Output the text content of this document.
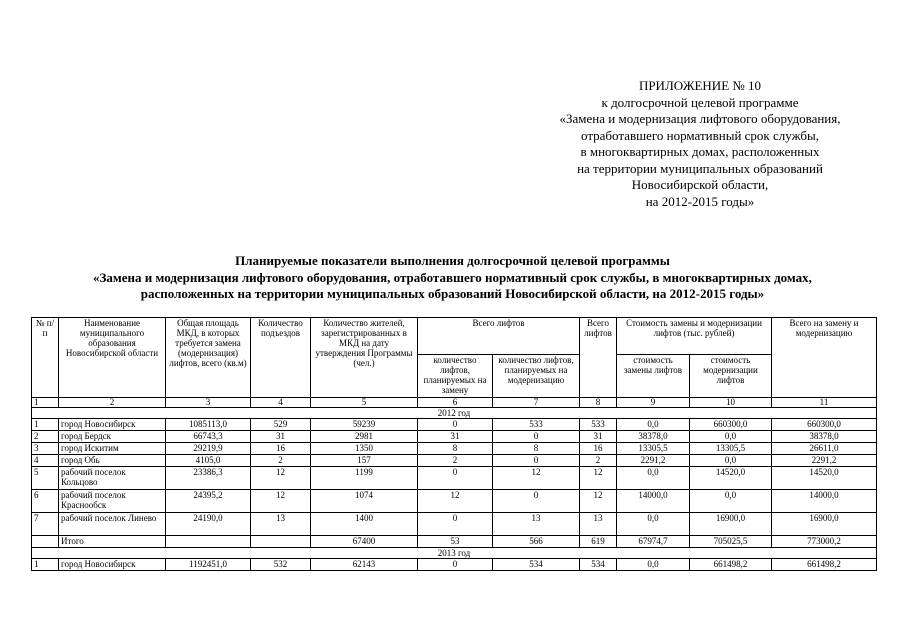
ПРИЛОЖЕНИЕ № 10
к долгосрочной целевой программе
«Замена и модернизация лифтового оборудования,
отработавшего нормативный срок службы,
в многоквартирных домах, расположенных
на территории муниципальных образований
Новосибирской области,
на 2012-2015 годы»
Планируемые показатели выполнения долгосрочной целевой программы
«Замена и модернизация лифтового оборудования, отработавшего нормативный срок службы, в многоквартирных домах,
расположенных на территории муниципальных образований Новосибирской области, на 2012-2015 годы»
№ п/п	Наименование муниципального образования Новосибирской области	Общая площадь МКД, в которых требуется замена (модернизация) лифтов, всего (кв.м)	Количество подъездов	Количество жителей, зарегистрированных в МКД на дату утверждения Программы (чел.)	Всего лифтов		Всего лифтов	Стоимость замены и модернизации лифтов (тыс. рублей)		Всего на замену и модернизацию
					количество лифтов, планируемых на замену	количество лифтов, планируемых на модернизацию		стоимость замены лифтов	стоимость модернизации лифтов	
1	2	3	4	5	6	7	8	9	10	11
2012 год										
1	город Новосибирск	1085113,0	529	59239	0	533	533	0,0	660300,0	660300,0
2	город Бердск	66743,3	31	2981	31	0	31	38378,0	0,0	38378,0
3	город Искитим	29219,9	16	1350	8	8	16	13305,5	13305,5	26611,0
4	город Обь	4105,0	2	157	2	0	2	2291,2	0,0	2291,2
5	рабочий поселок Кольцово	23386,3	12	1199	0	12	12	0,0	14520,0	14520,0
6	рабочий поселок Краснообск	24395,2	12	1074	12	0	12	14000,0	0,0	14000,0
7	рабочий поселок Линево	24190,0	13	1400	0	13	13	0,0	16900,0	16900,0
	Итого			67400	53	566	619	67974,7	705025,5	773000,2
2013 год										
1	город Новосибирск	1192451,0	532	62143	0	534	534	0,0	661498,2	661498,2
